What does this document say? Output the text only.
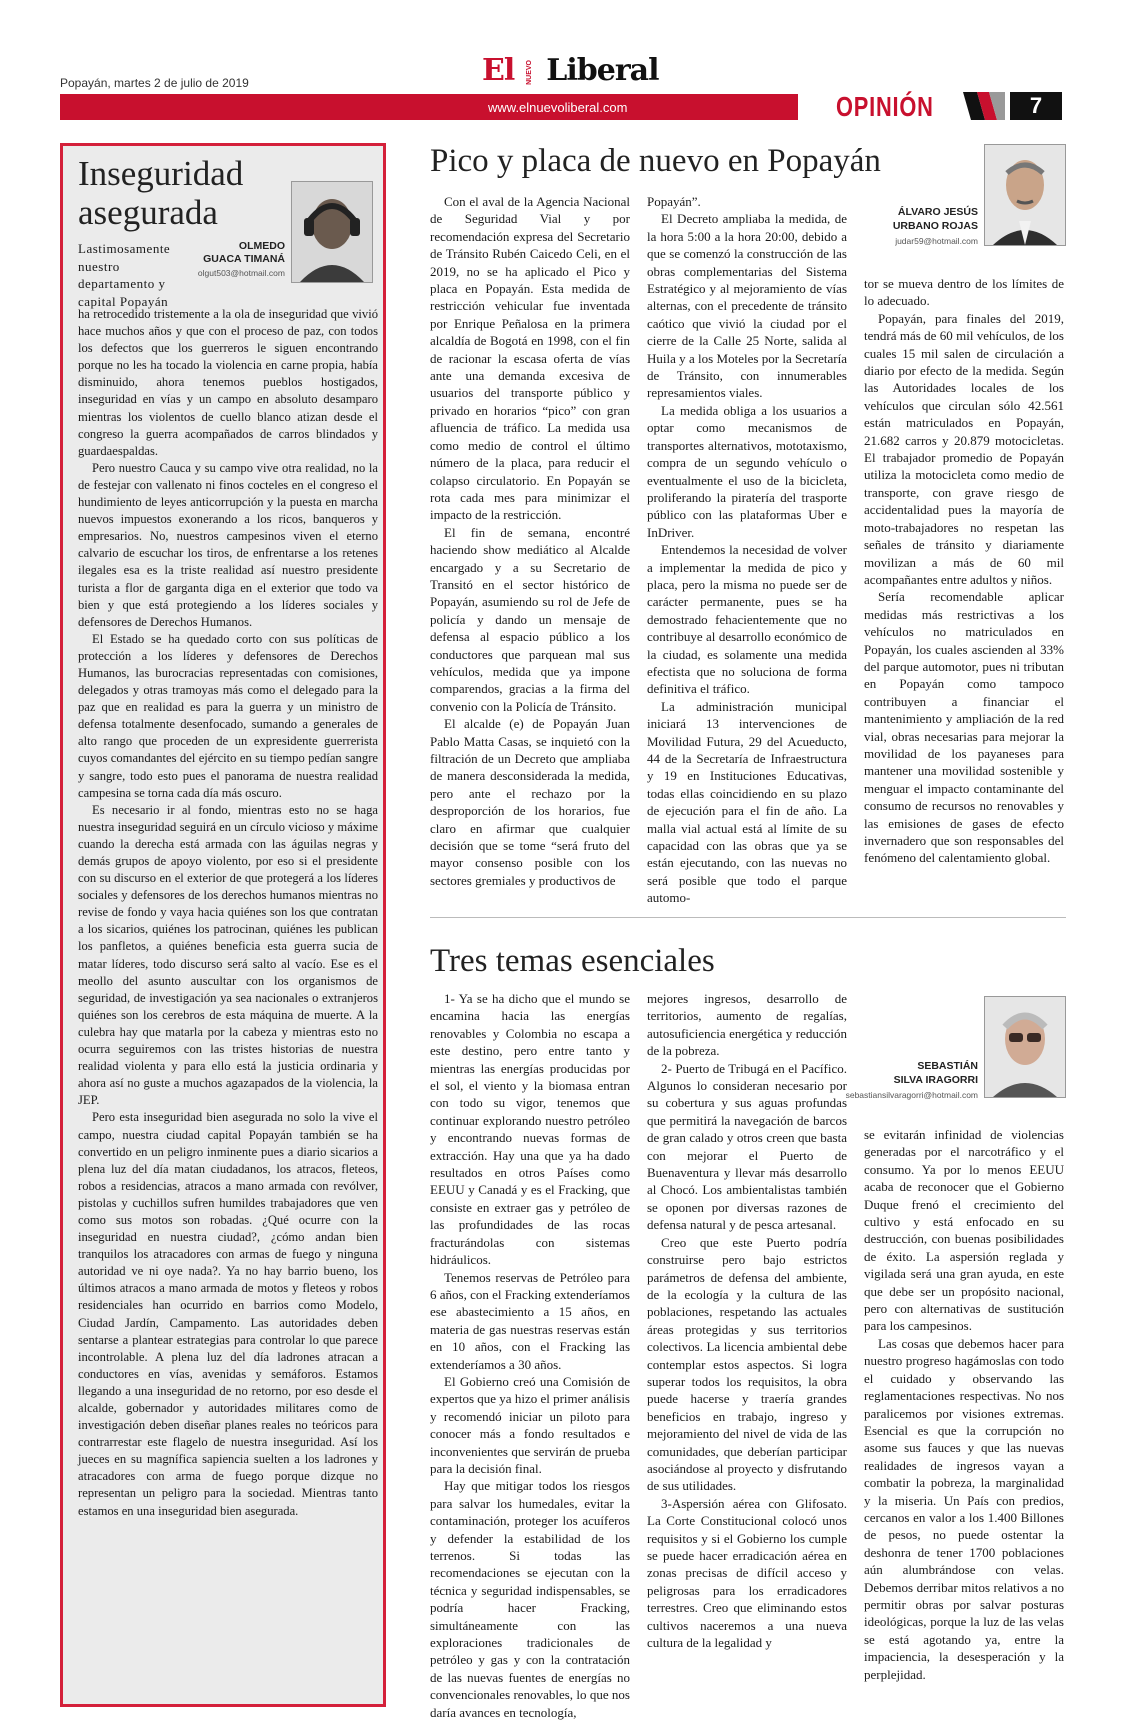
Popayán, martes 2 de julio de 2019	El NUEVO Liberal
www.elnuevoliberal.com	OPINIÓN	7
Inseguridad asegurada
OLMEDO GUACA TIMANÁ
olgut503@hotmail.com
Lastimosamente nuestro departamento y capital Popayán

ha retrocedido tristemente a la ola de inseguridad que vivió hace muchos años y que con el proceso de paz, con todos los defectos que los guerreros le siguen encontrando porque no les ha tocado la violencia en carne propia, había disminuido, ahora tenemos pueblos hostigados, inseguridad en vías y un campo en absoluto desamparo mientras los violentos de cuello blanco atizan desde el congreso la guerra acompañados de carros blindados y guardaespaldas.

Pero nuestro Cauca y su campo vive otra realidad, no la de festejar con vallenato ni finos cocteles en el congreso el hundimiento de leyes anticorrupción y la puesta en marcha nuevos impuestos exonerando a los ricos, banqueros y empresarios. No, nuestros campesinos viven el eterno calvario de escuchar los tiros, de enfrentarse a los retenes ilegales esa es la triste realidad así nuestro presidente turista a flor de garganta diga en el exterior que todo va bien y que está protegiendo a los líderes sociales y defensores de Derechos Humanos.

El Estado se ha quedado corto con sus políticas de protección a los líderes y defensores de Derechos Humanos, las burocracias representadas con comisiones, delegados y otras tramoyas más como el delegado para la paz que en realidad es para la guerra y un ministro de defensa totalmente desenfocado, sumando a generales de alto rango que proceden de un expresidente guerrerista cuyos comandantes del ejército en su tiempo pedían sangre y sangre, todo esto pues el panorama de nuestra realidad campesina se torna cada día más oscuro.

Es necesario ir al fondo, mientras esto no se haga nuestra inseguridad seguirá en un círculo vicioso y máxime cuando la derecha está armada con las águilas negras y demás grupos de apoyo violento, por eso si el presidente con su discurso en el exterior de que protegerá a los líderes sociales y defensores de los derechos humanos mientras no revise de fondo y vaya hacia quiénes son los que contratan a los sicarios, quiénes los patrocinan, quiénes les publican los panfletos, a quiénes beneficia esta guerra sucia de matar líderes, todo discurso será salto al vacío. Ese es el meollo del asunto auscultar con los organismos de seguridad, de investigación ya sea nacionales o extranjeros quiénes son los cerebros de esta máquina de muerte. A la culebra hay que matarla por la cabeza y mientras esto no ocurra seguiremos con las tristes historias de nuestra realidad violenta y para ello está la justicia ordinaria y ahora así no guste a muchos agazapados de la violencia, la JEP.

Pero esta inseguridad bien asegurada no solo la vive el campo, nuestra ciudad capital Popayán también se ha convertido en un peligro inminente pues a diario sicarios a plena luz del día matan ciudadanos, los atracos, fleteos, robos a residencias, atracos a mano armada con revólver, pistolas y cuchillos sufren humildes trabajadores que ven como sus motos son robadas. ¿Qué ocurre con la inseguridad en nuestra ciudad?, ¿cómo andan bien tranquilos los atracadores con armas de fuego y ninguna autoridad ve ni oye nada?. Ya no hay barrio bueno, los últimos atracos a mano armada de motos y fleteos y robos residenciales han ocurrido en barrios como Modelo, Ciudad Jardín, Campamento. Las autoridades deben sentarse a plantear estrategias para controlar lo que parece incontrolable. A plena luz del día ladrones atracan a conductores en vías, avenidas y semáforos. Estamos llegando a una inseguridad de no retorno, por eso desde el alcalde, gobernador y autoridades militares como de investigación deben diseñar planes reales no teóricos para contrarrestar este flagelo de nuestra inseguridad. Así los jueces en su magnífica sapiencia suelten a los ladrones y atracadores con arma de fuego porque dizque no representan un peligro para la sociedad. Mientras tanto estamos en una inseguridad bien asegurada.

Pico y placa de nuevo en Popayán
ÁLVARO JESÚS
URBANO ROJAS
judar59@hotmail.com

Con el aval de la Agencia Nacional de Seguridad Vial y por recomendación expresa del Secretario de Tránsito Rubén Caicedo Celi, en el 2019, no se ha aplicado el Pico y placa en Popayán. Esta medida de restricción vehicular fue inventada por Enrique Peñalosa en la primera alcaldía de Bogotá en 1998, con el fin de racionar la escasa oferta de vías ante una demanda excesiva de usuarios del transporte público y privado en horarios “pico” con gran afluencia de tráfico. La medida usa como medio de control el último número de la placa, para reducir el colapso circulatorio. En Popayán se rota cada mes para minimizar el impacto de la restricción.

El fin de semana, encontré haciendo show mediático al Alcalde encargado y a su Secretario de Transitó en el sector histórico de Popayán, asumiendo su rol de Jefe de policía y dando un mensaje de defensa al espacio público a los conductores que parquean mal sus vehículos, medida que ya impone comparendos, gracias a la firma del convenio con la Policía de Tránsito.

El alcalde (e) de Popayán Juan Pablo Matta Casas, se inquietó con la filtración de un Decreto que ampliaba de manera desconsiderada la medida, pero ante el rechazo por la desproporción de los horarios, fue claro en afirmar que cualquier decisión que se tome “será fruto del mayor consenso posible con los sectores gremiales y productivos de

Popayán”.

El Decreto ampliaba la medida, de la hora 5:00 a la hora 20:00, debido a que se comenzó la construcción de las obras complementarias del Sistema Estratégico y al mejoramiento de vías alternas, con el precedente de tránsito caótico que vivió la ciudad por el cierre de la Calle 25 Norte, salida al Huila y a los Moteles por la Secretaría de Tránsito, con innumerables represamientos viales.

La medida obliga a los usuarios a optar como mecanismos de transportes alternativos, mototaxismo, compra de un segundo vehículo o eventualmente el uso de la bicicleta, proliferando la piratería del trasporte público con las plataformas Uber e InDriver.

Entendemos la necesidad de volver a implementar la medida de pico y placa, pero la misma no puede ser de carácter permanente, pues se ha demostrado fehacientemente que no contribuye al desarrollo económico de la ciudad, es solamente una medida efectista que no soluciona de forma definitiva el tráfico.

La administración municipal iniciará 13 intervenciones de Movilidad Futura, 29 del Acueducto, 44 de la Secretaría de Infraestructura y 19 en Instituciones Educativas, todas ellas coincidiendo en su plazo de ejecución para el fin de año. La malla vial actual está al límite de su capacidad con las obras que ya se están ejecutando, con las nuevas no será posible que todo el parque automo-

tor se mueva dentro de los límites de lo adecuado.

Popayán, para finales del 2019, tendrá más de 60 mil vehículos, de los cuales 15 mil salen de circulación a diario por efecto de la medida. Según las Autoridades locales de los vehículos que circulan sólo 42.561 están matriculados en Popayán, 21.682 carros y 20.879 motocicletas. El trabajador promedio de Popayán utiliza la motocicleta como medio de transporte, con grave riesgo de accidentalidad pues la mayoría de moto-trabajadores no respetan las señales de tránsito y diariamente movilizan a más de 60 mil acompañantes entre adultos y niños.

Sería recomendable aplicar medidas más restrictivas a los vehículos no matriculados en Popayán, los cuales ascienden al 33% del parque automotor, pues ni tributan en Popayán como tampoco contribuyen a financiar el mantenimiento y ampliación de la red vial, obras necesarias para mejorar la movilidad de los payaneses para mantener una movilidad sostenible y menguar el impacto contaminante del consumo de recursos no renovables y las emisiones de gases de efecto invernadero que son responsables del fenómeno del calentamiento global.

Tres temas esenciales
SEBASTIÁN
SILVA IRAGORRI
sebastiansilvaragorri@hotmail.com

1- Ya se ha dicho que el mundo se encamina hacia las energías renovables y Colombia no escapa a este destino, pero entre tanto y mientras las energías producidas por el sol, el viento y la biomasa entran con todo su vigor, tenemos que continuar explorando nuestro petróleo y encontrando nuevas formas de extracción. Hay una que ya ha dado resultados en otros Países como EEUU y Canadá y es el Fracking, que consiste en extraer gas y petróleo de las profundidades de las rocas fracturándolas con sistemas hidráulicos.

Tenemos reservas de Petróleo para 6 años, con el Fracking extenderíamos ese abastecimiento a 15 años, en materia de gas nuestras reservas están en 10 años, con el Fracking las extenderíamos a 30 años.

El Gobierno creó una Comisión de expertos que ya hizo el primer análisis y recomendó iniciar un piloto para conocer más a fondo resultados e inconvenientes que servirán de prueba para la decisión final.

Hay que mitigar todos los riesgos para salvar los humedales, evitar la contaminación, proteger los acuíferos y defender la estabilidad de los terrenos. Si todas las recomendaciones se ejecutan con la técnica y seguridad indispensables, se podría hacer Fracking, simultáneamente con las exploraciones tradicionales de petróleo y gas y con la contratación de las nuevas fuentes de energías no convencionales renovables, lo que nos daría avances en tecnología,

mejores ingresos, desarrollo de territorios, aumento de regalías, autosuficiencia energética y reducción de la pobreza.

2- Puerto de Tribugá en el Pacífico. Algunos lo consideran necesario por su cobertura y sus aguas profundas que permitirá la navegación de barcos de gran calado y otros creen que basta con mejorar el Puerto de Buenaventura y llevar más desarrollo al Chocó. Los ambientalistas también se oponen por diversas razones de defensa natural y de pesca artesanal.

Creo que este Puerto podría construirse pero bajo estrictos parámetros de defensa del ambiente, de la ecología y la cultura de las poblaciones, respetando las actuales áreas protegidas y sus territorios colectivos. La licencia ambiental debe contemplar estos aspectos. Si logra superar todos los requisitos, la obra puede hacerse y traería grandes beneficios en trabajo, ingreso y mejoramiento del nivel de vida de las comunidades, que deberían participar asociándose al proyecto y disfrutando de sus utilidades.

3-Aspersión aérea con Glifosato. La Corte Constitucional colocó unos requisitos y si el Gobierno los cumple se puede hacer erradicación aérea en zonas precisas de difícil acceso y peligrosas para los erradicadores terrestres. Creo que eliminando estos cultivos naceremos a una nueva cultura de la legalidad y

se evitarán infinidad de violencias generadas por el narcotráfico y el consumo. Ya por lo menos EEUU acaba de reconocer que el Gobierno Duque frenó el crecimiento del cultivo y está enfocado en su destrucción, con buenas posibilidades de éxito. La aspersión reglada y vigilada será una gran ayuda, en este que debe ser un propósito nacional, pero con alternativas de sustitución para los campesinos.

Las cosas que debemos hacer para nuestro progreso hagámoslas con todo el cuidado y observando las reglamentaciones respectivas. No nos paralicemos por visiones extremas. Esencial es que la corrupción no asome sus fauces y que las nuevas realidades de ingresos vayan a combatir la pobreza, la marginalidad y la miseria. Un País con predios, cercanos en valor a los 1.400 Billones de pesos, no puede ostentar la deshonra de tener 1700 poblaciones aún alumbrándose con velas. Debemos derribar mitos relativos a no permitir obras por salvar posturas ideológicas, porque la luz de las velas se está agotando ya, entre la impaciencia, la desesperación y la perplejidad.
